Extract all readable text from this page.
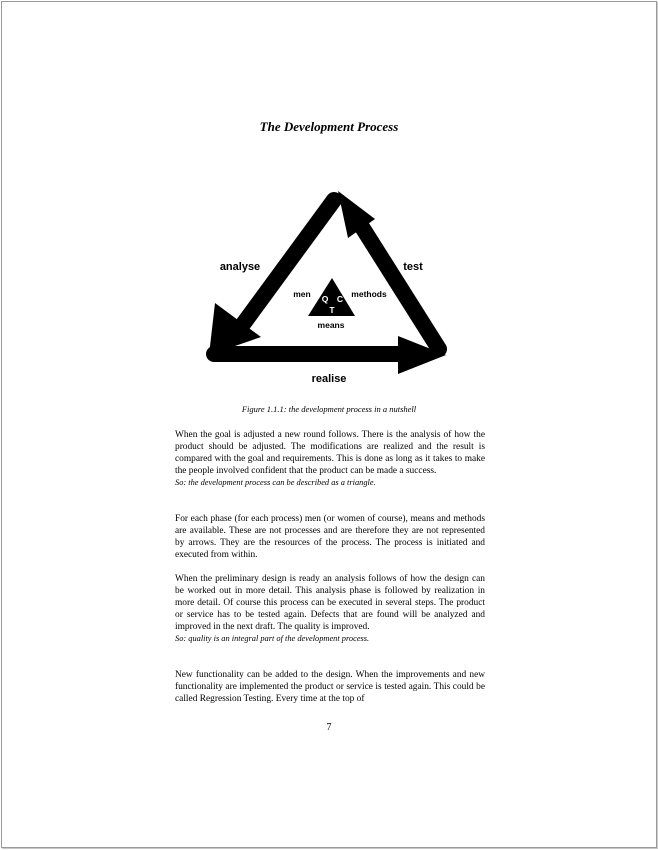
The Development Process
analyse	test
realise
Q C
T
men	methods
means
Figure 1.1.1: the development process in a nutshell

When the goal is adjusted a new round follows. There is the analysis of how the product should be adjusted. The modifications are realized and the result is compared with the goal and requirements. This is done as long as it takes to make the people involved confident that the product can be made a success.
So: the development process can be described as a triangle.

For each phase (for each process) men (or women of course), means and methods are available. These are not processes and are therefore they are not represented by arrows. They are the resources of the process. The process is initiated and executed from within.

When the preliminary design is ready an analysis follows of how the design can be worked out in more detail. This analysis phase is followed by realization in more detail. Of course this process can be executed in several steps. The product or service has to be tested again. Defects that are found will be analyzed and improved in the next draft. The quality is improved.
So: quality is an integral part of the development process.

New functionality can be added to the design. When the improvements and new functionality are implemented the product or service is tested again. This could be called Regression Testing. Every time at the top of

7
